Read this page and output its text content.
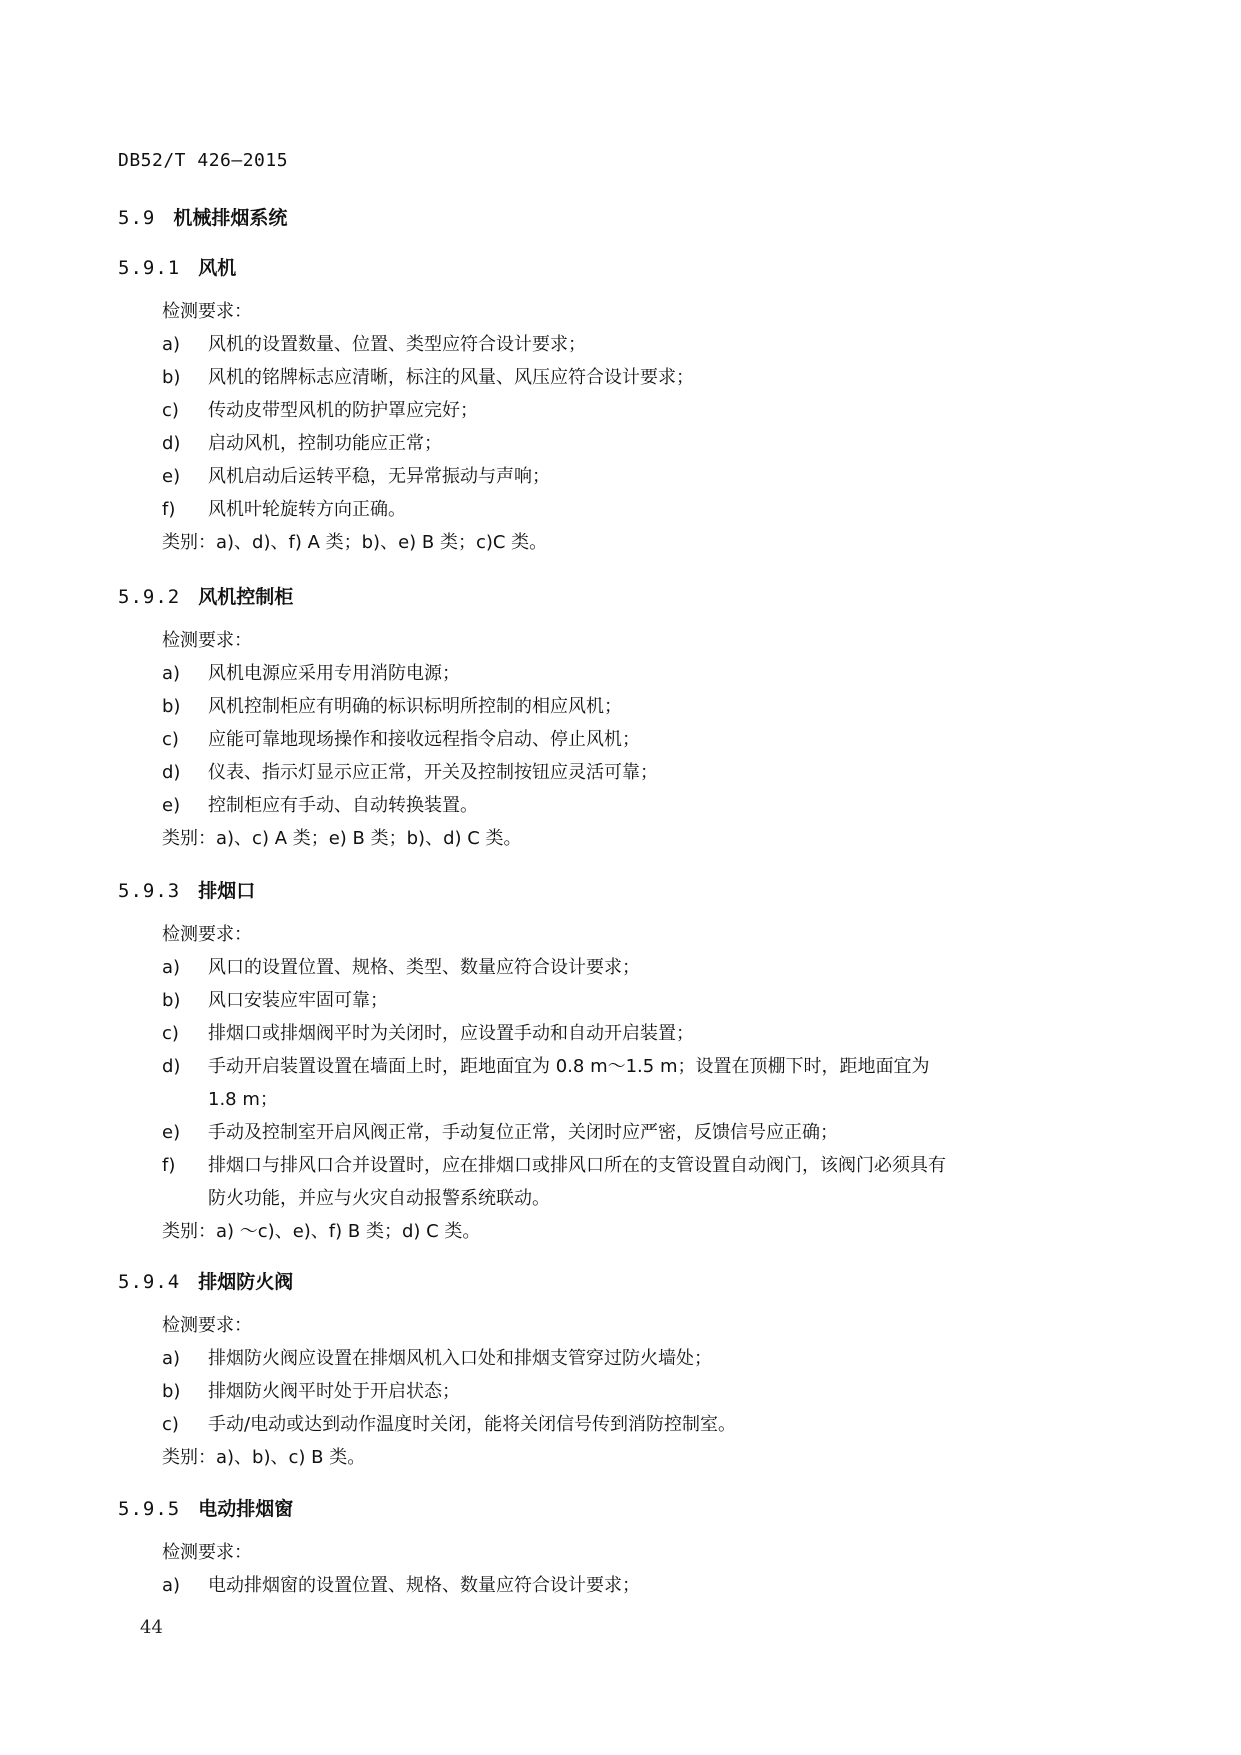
DB52/T 426—2015
5.9 机械排烟系统
5.9.1 风机
检测要求：
a)	风机的设置数量、位置、类型应符合设计要求；
b)	风机的铭牌标志应清晰，标注的风量、风压应符合设计要求；
c)	传动皮带型风机的防护罩应完好；
d)	启动风机，控制功能应正常；
e)	风机启动后运转平稳，无异常振动与声响；
f)	风机叶轮旋转方向正确。
类别：a)、d)、f) A 类；b)、e) B 类；c)C 类。
5.9.2 风机控制柜
检测要求：
a)	风机电源应采用专用消防电源；
b)	风机控制柜应有明确的标识标明所控制的相应风机；
c)	应能可靠地现场操作和接收远程指令启动、停止风机；
d)	仪表、指示灯显示应正常，开关及控制按钮应灵活可靠；
e)	控制柜应有手动、自动转换装置。
类别：a)、c) A 类；e) B 类；b)、d) C 类。
5.9.3 排烟口
检测要求：
a)	风口的设置位置、规格、类型、数量应符合设计要求；
b)	风口安装应牢固可靠；
c)	排烟口或排烟阀平时为关闭时，应设置手动和自动开启装置；
d)	手动开启装置设置在墙面上时，距地面宜为 0.8 m～1.5 m；设置在顶棚下时，距地面宜为
1.8 m；
e)	手动及控制室开启风阀正常，手动复位正常，关闭时应严密，反馈信号应正确；
f)	排烟口与排风口合并设置时，应在排烟口或排风口所在的支管设置自动阀门，该阀门必须具有
防火功能，并应与火灾自动报警系统联动。
类别：a) ～c)、e)、f) B 类；d) C 类。
5.9.4 排烟防火阀
检测要求：
a)	排烟防火阀应设置在排烟风机入口处和排烟支管穿过防火墙处；
b)	排烟防火阀平时处于开启状态；
c)	手动/电动或达到动作温度时关闭，能将关闭信号传到消防控制室。
类别：a)、b)、c) B 类。
5.9.5 电动排烟窗
检测要求：
a)	电动排烟窗的设置位置、规格、数量应符合设计要求；
44
